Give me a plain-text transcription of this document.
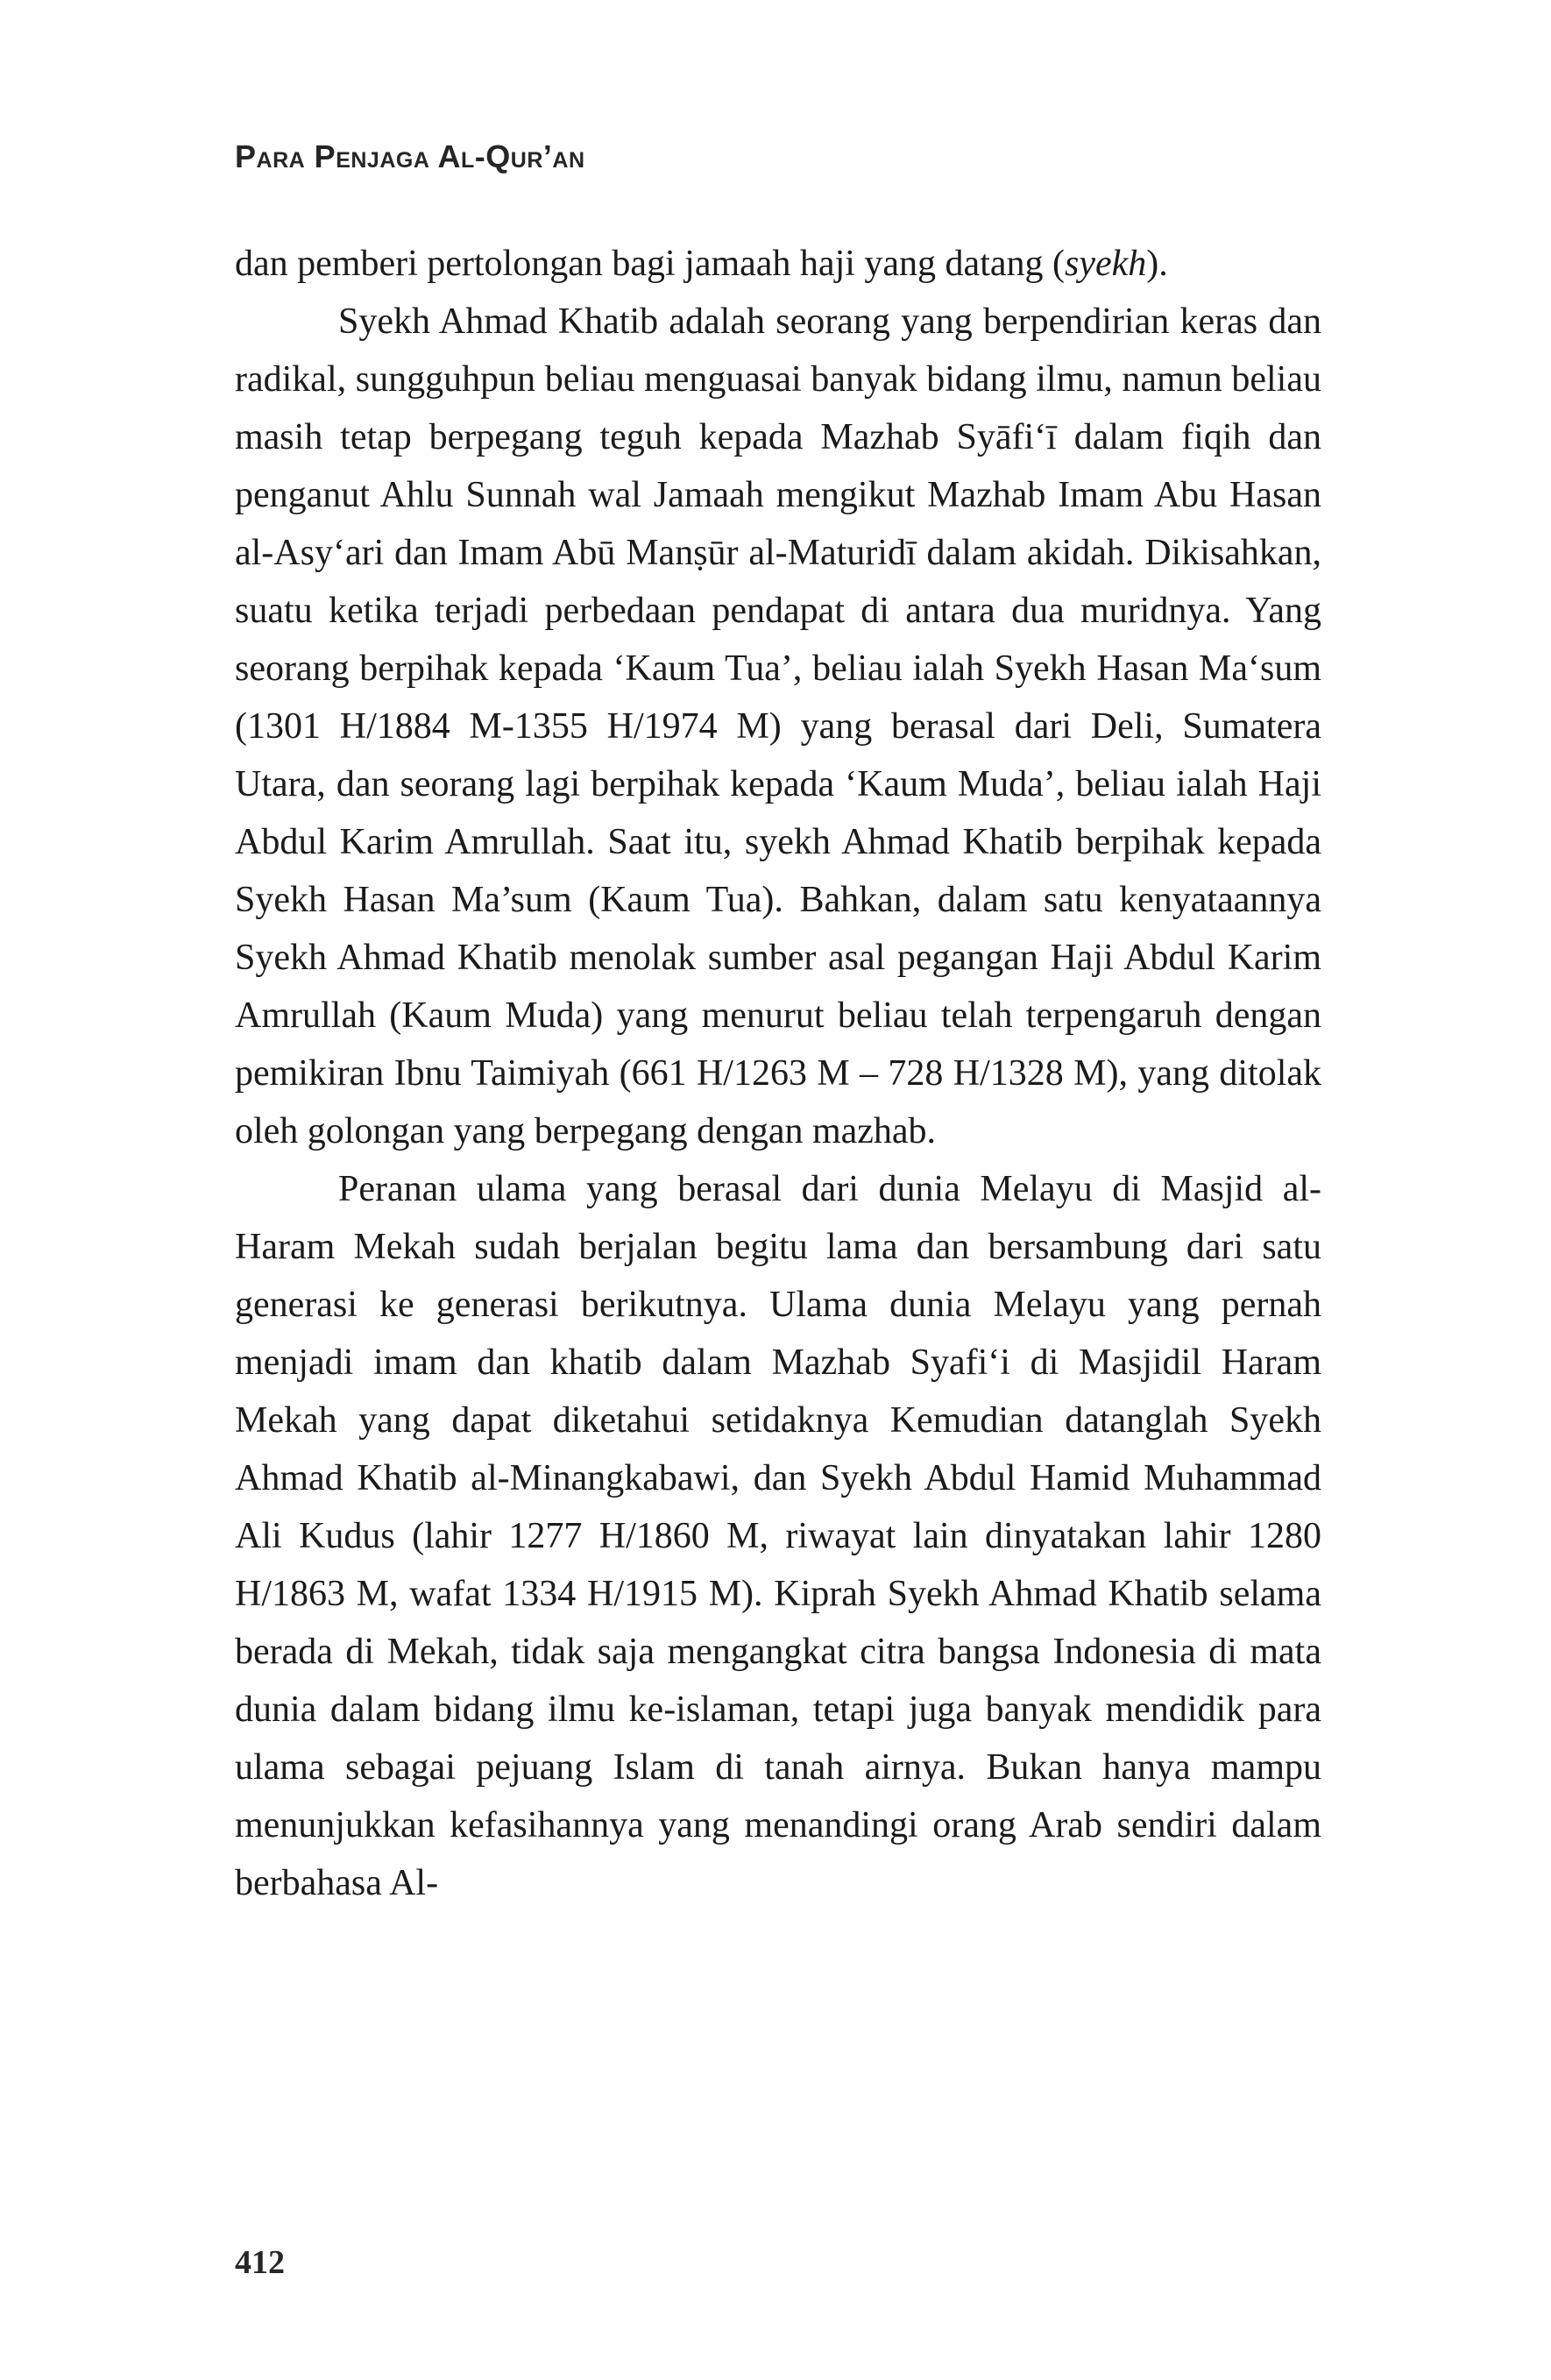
Para Penjaga Al-Qur’an

dan pemberi pertolongan bagi jamaah haji yang datang (syekh).

Syekh Ahmad Khatib adalah seorang yang berpendirian keras dan radikal, sungguhpun beliau menguasai banyak bidang ilmu, namun beliau masih tetap berpegang teguh kepada Mazhab Syāfi‘ī dalam fiqih dan penganut Ahlu Sunnah wal Jamaah mengikut Mazhab Imam Abu Hasan al-Asy‘ari dan Imam Abū Manṣūr al-Maturidī dalam akidah. Dikisahkan, suatu ketika terjadi perbedaan pendapat di antara dua muridnya. Yang seorang berpihak kepada ‘Kaum Tua’, beliau ialah Syekh Hasan Ma‘sum (1301 H/1884 M-1355 H/1974 M) yang berasal dari Deli, Sumatera Utara, dan seorang lagi berpihak kepada ‘Kaum Muda’, beliau ialah Haji Abdul Karim Amrullah. Saat itu, syekh Ahmad Khatib berpihak kepada Syekh Hasan Ma’sum (Kaum Tua). Bahkan, dalam satu kenyataannya Syekh Ahmad Khatib menolak sumber asal pegangan Haji Abdul Karim Amrullah (Kaum Muda) yang menurut beliau telah terpengaruh dengan pemikiran Ibnu Taimiyah (661 H/1263 M – 728 H/1328 M), yang ditolak oleh golongan yang berpegang dengan mazhab.

Peranan ulama yang berasal dari dunia Melayu di Masjid al-Haram Mekah sudah berjalan begitu lama dan bersambung dari satu generasi ke generasi berikutnya. Ulama dunia Melayu yang pernah menjadi imam dan khatib dalam Mazhab Syafi‘i di Masjidil Haram Mekah yang dapat diketahui setidaknya Kemudian datanglah Syekh Ahmad Khatib al-Minangkabawi, dan Syekh Abdul Hamid Muhammad Ali Kudus (lahir 1277 H/1860 M, riwayat lain dinyatakan lahir 1280 H/1863 M, wafat 1334 H/1915 M). Kiprah Syekh Ahmad Khatib selama berada di Mekah, tidak saja mengangkat citra bangsa Indonesia di mata dunia dalam bidang ilmu ke-islaman, tetapi juga banyak mendidik para ulama sebagai pejuang Islam di tanah airnya. Bukan hanya mampu menunjukkan kefasihannya yang menandingi orang Arab sendiri dalam berbahasa Al-

412
